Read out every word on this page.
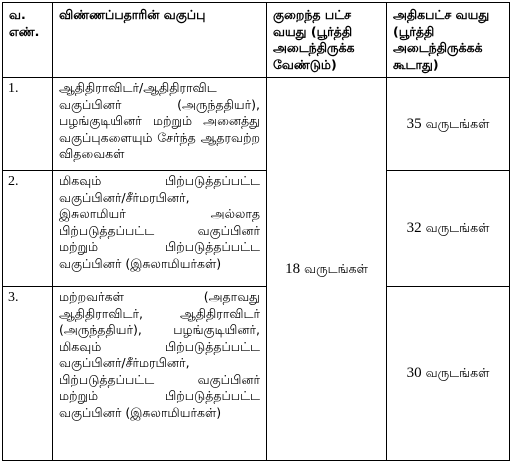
வ. எண்.	விண்ணப்பதாரின் வகுப்பு	குறைந்த பட்ச வயது (பூர்த்தி அடைந்திருக்க வேண்டும்)	அதிகபட்ச வயது (பூர்த்தி அடைந்திருக்கக் கூடாது)
1.	ஆதிதிராவிடர்/ஆதிதிராவிட வகுப்பினர் (அருந்ததியர்), பழங்குடியினர் மற்றும் அனைத்து வகுப்புகளையும் சேர்ந்த ஆதரவற்ற விதவைகள்	18 வருடங்கள்	35 வருடங்கள்
2.	மிகவும் பிற்படுத்தப்பட்ட வகுப்பினர்/சீர்மரபினர், இசுலாமியர் அல்லாத பிற்படுத்தப்பட்ட வகுப்பினர் மற்றும் பிற்படுத்தப்பட்ட வகுப்பினர் (இசுலாமியர்கள்)		32 வருடங்கள்
3.	மற்றவர்கள் (அதாவது ஆதிதிராவிடர், ஆதிதிராவிடர் (அருந்ததியர்), பழங்குடியினர், மிகவும் பிற்படுத்தப்பட்ட வகுப்பினர்/சீர்மரபினர், பிற்படுத்தப்பட்ட வகுப்பினர் மற்றும் பிற்படுத்தப்பட்ட வகுப்பினர் (இசுலாமியர்கள்)		30 வருடங்கள்
